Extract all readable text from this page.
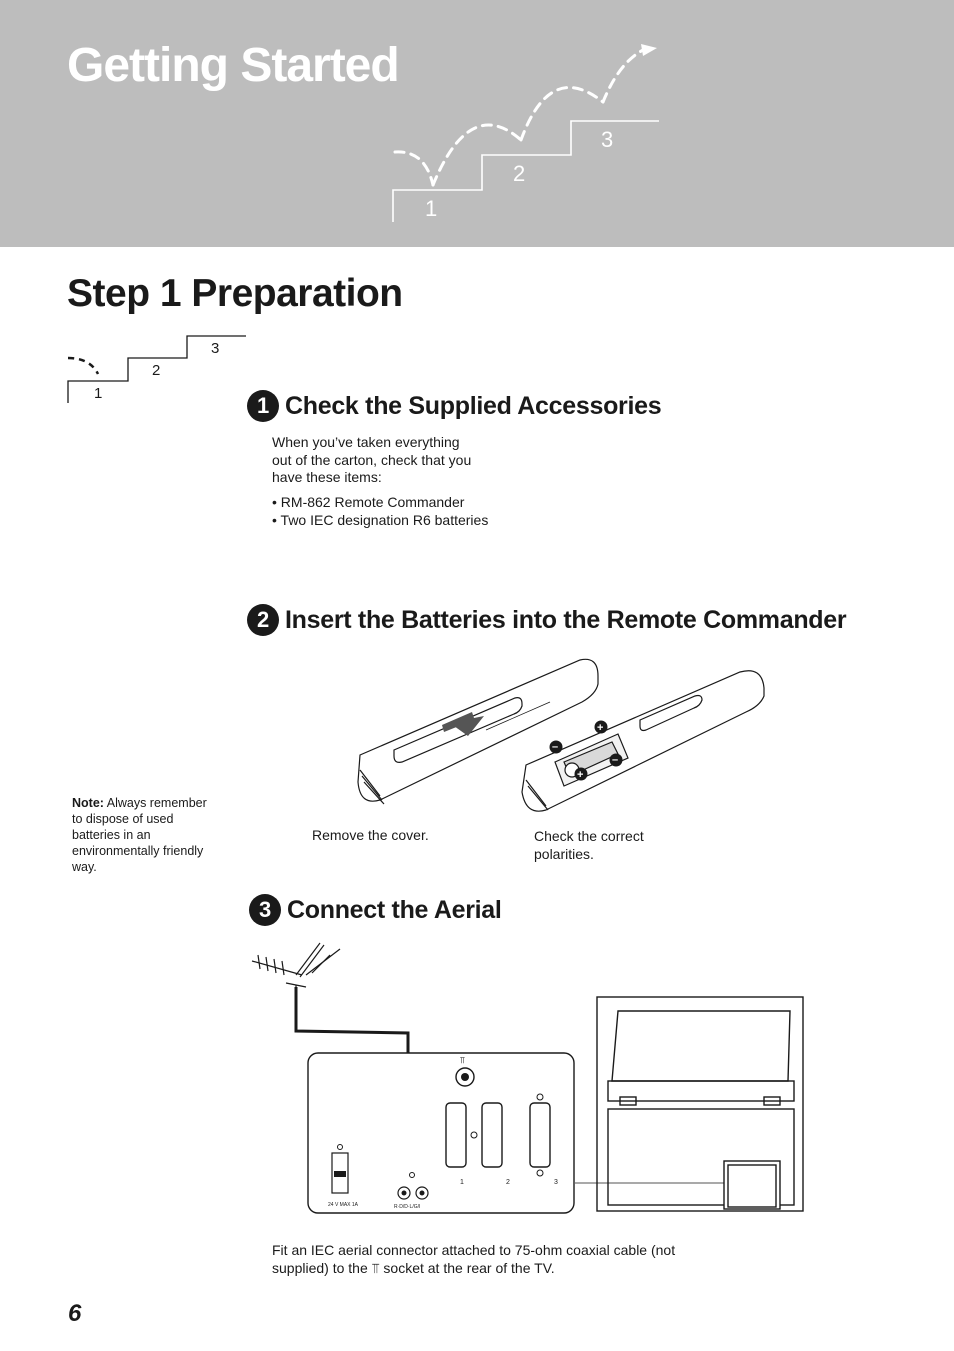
Getting Started
1
2
3
Step 1 Preparation
1
2
3
1 Check the Supplied Accessories
When you’ve taken everything
out of the carton, check that you
have these items:
• RM-862 Remote Commander
• Two IEC designation R6 batteries
2 Insert the Batteries into the Remote Commander
+
–
–
+
Remove the cover.	Check the correct
polarities.
Note: Always remember to dispose of used batteries in an environmentally friendly way.
3 Connect the Aerial
⫪
1	2	3
24 V MAX 1A	R·D/D·L/G/I
Fit an IEC aerial connector attached to 75-ohm coaxial cable (not
supplied) to the ⫪ socket at the rear of the TV.
6
